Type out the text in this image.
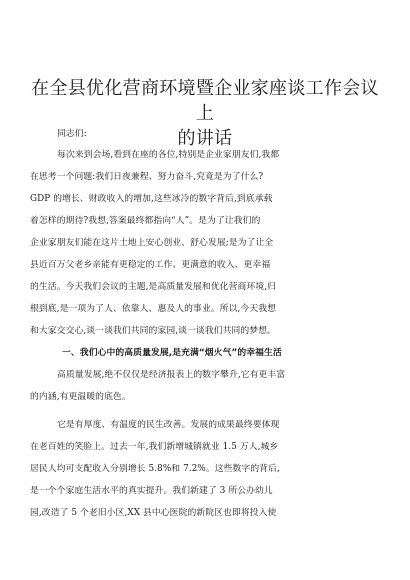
在全县优化营商环境暨企业家座谈工作会议上
的讲话
同志们:
每次来到会场,看到在座的各位,特别是企业家朋友们,我都
在思考一个问题:我们日夜兼程、努力奋斗,究竟是为了什么?
GDP 的增长、财政收入的增加,这些冰冷的数字背后,到底承载
着怎样的期待?我想,答案最终都指向“人”。是为了让我们的
企业家朋友们能在这片土地上安心创业、舒心发展;是为了让全
县近百万父老乡亲能有更稳定的工作、更满意的收入、更幸福
的生活。今天我们会议的主题,是高质量发展和优化营商环境,归
根到底,是一项为了人、依靠人、惠及人的事业。所以,今天我想
和大家交交心,谈一谈我们共同的家园,谈一谈我们共同的梦想。
一、我们心中的高质量发展,是充满“烟火气”的幸福生活
高质量发展,绝不仅仅是经济报表上的数字攀升,它有更丰富
的内涵,有更温暖的底色。
它是有厚度、有温度的民生改善。发展的成果最终要体现
在老百姓的笑脸上。过去一年,我们新增城镇就业 1.5 万人,城乡
居民人均可支配收入分别增长 5.8%和 7.2%。这些数字的背后,
是一个个家庭生活水平的真实提升。我们新建了 3 所公办幼儿
园,改造了 5 个老旧小区,XX 县中心医院的新院区也即将投入使
